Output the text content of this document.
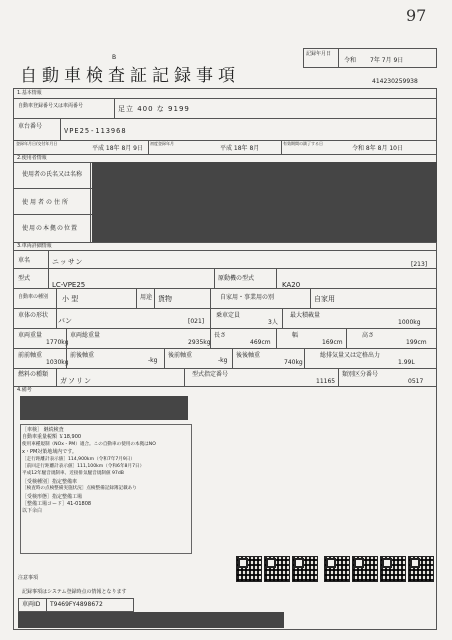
97
B	記録年月日
令和 7年 7月 9日
自動車検査証記録事項	414230259938
1.基本情報
自動車登録番号又は車両番号	足立 400 な 9199
車台番号
VPE25-113968
登録年月日/交付年月日
平成 18年 8月 9日
初度登録年月
平成 18年 8月
有効期間の満了する日
令和 8年 8月 10日
2.使用者情報
使用者の氏名又は名称
使用者の住所
使用の本拠の位置
3.車両詳細情報
車名	ニッサン	[213]
型式
LC-VPE25
原動機の型式
KA20
自動車の種別 小 型	用途 貨物	自家用・事業用の別	自家用
車体の形状
バン	[021]
乗車定員
3人
最大積載量
1000kg
車両重量
1770kg
車両総重量
2935kg
長さ
469cm
幅
169cm
高さ
199cm
前前軸重
1030kg
前後軸重
-kg
後前軸重
-kg
後後軸重
740kg
総排気量又は定格出力
1.99L
燃料の種類
ガソリン
型式指定番号
11165
類別区分番号
0517
4.備考
［車検］ 継続検査
自動車重量税額 ￥18,900
使用車種規制（NOx・PM）適合。この自動車の使用の本拠はNO
x・PM対策地域内です。
［走行距離計表示値］114,900km（令和7年7月9日）
［前回走行距離計表示値］111,100km（令和6年8月7日）
平成12年騒音規制車、近接排気騒音規制値 97dB
［受検種別］指定整備車
［検査時の点検整備実施状況］点検整備記録簿記載あり
［受検形態］指定整備工場
［整備工場コード］41-01808
以下余白
注意事項
記録事項はシステム登録時点の情報となります
車両ID T9469FY4898672
